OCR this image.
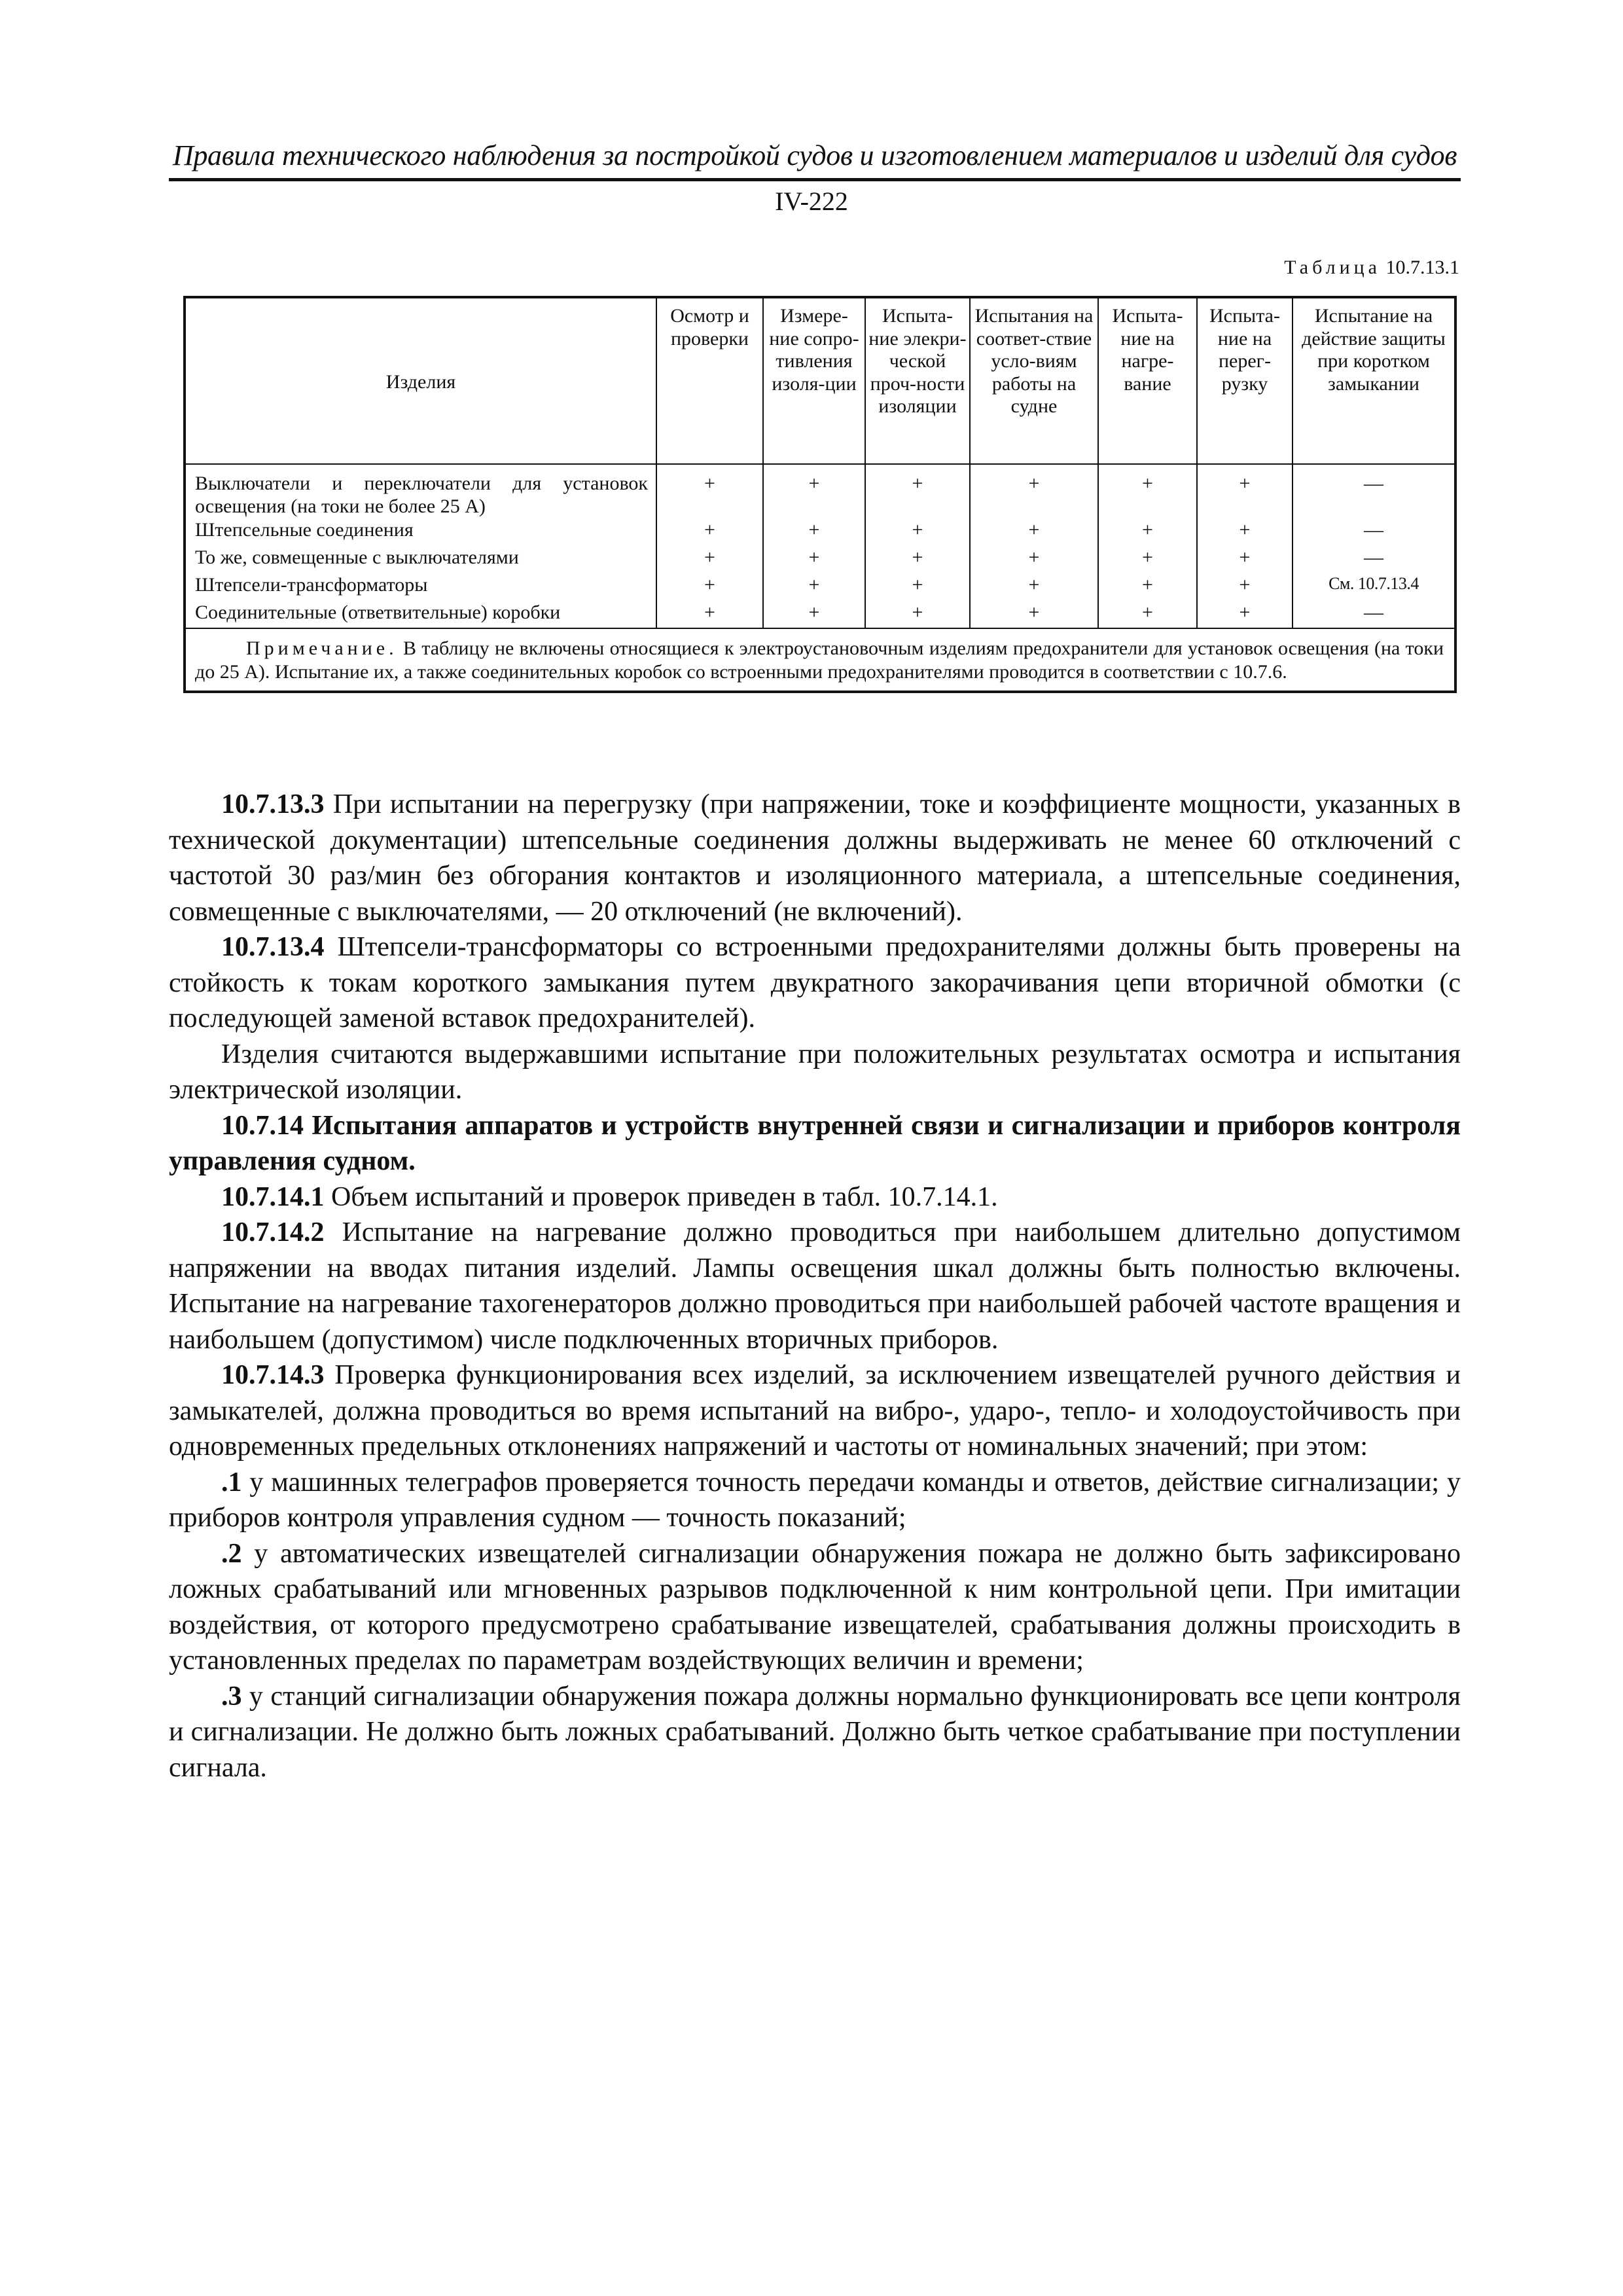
Правила технического наблюдения за постройкой судов и изготовлением материалов и изделий для судов
IV-222
Таблица 10.7.13.1
Изделия	Осмотр и проверки	Измере-ние сопро-тивления изоля-ции	Испыта-ние элекри-ческой проч-ности изоляции	Испытания на соответ-ствие усло-виям работы на судне	Испыта-ние на нагре-вание	Испыта-ние на перег-рузку	Испытание на действие защиты при коротком замыкании
Выключатели и переключатели для установок освещения (на токи не более 25 А)	+	+	+	+	+	+	—
Штепсельные соединения	+	+	+	+	+	+	—
То же, совмещенные с выключателями	+	+	+	+	+	+	—
Штепсели-трансформаторы	+	+	+	+	+	+	См. 10.7.13.4
Соединительные (ответвительные) коробки	+	+	+	+	+	+	—
Примечание. В таблицу не включены относящиеся к электроустановочным изделиям предохранители для установок освещения (на токи до 25 А). Испытание их, а также соединительных коробок со встроенными предохранителями проводится в соответствии с 10.7.6.							

10.7.13.3 При испытании на перегрузку (при напряжении, токе и коэффициенте мощности, указанных в технической документации) штепсельные соединения должны выдерживать не менее 60 отключений с частотой 30 раз/мин без обгорания контактов и изоляционного материала, а штепсельные соединения, совмещенные с выключателями, — 20 отключений (не включений).

10.7.13.4 Штепсели-трансформаторы со встроенными предохранителями должны быть проверены на стойкость к токам короткого замыкания путем двукратного закорачивания цепи вторичной обмотки (с последующей заменой вставок предохранителей).

Изделия считаются выдержавшими испытание при положительных результатах осмотра и испытания электрической изоляции.

10.7.14 Испытания аппаратов и устройств внутренней связи и сигнализации и приборов контроля управления судном.

10.7.14.1 Объем испытаний и проверок приведен в табл. 10.7.14.1.

10.7.14.2 Испытание на нагревание должно проводиться при наибольшем длительно допустимом напряжении на вводах питания изделий. Лампы освещения шкал должны быть полностью включены. Испытание на нагревание тахогенераторов должно проводиться при наибольшей рабочей частоте вращения и наибольшем (допустимом) числе подключенных вторичных приборов.

10.7.14.3 Проверка функционирования всех изделий, за исключением извещателей ручного действия и замыкателей, должна проводиться во время испытаний на вибро-, ударо-, тепло- и холодоустойчивость при одновременных предельных отклонениях напряжений и частоты от номинальных значений; при этом:

.1 у машинных телеграфов проверяется точность передачи команды и ответов, действие сигнализации; у приборов контроля управления судном — точность показаний;

.2 у автоматических извещателей сигнализации обнаружения пожара не должно быть зафиксировано ложных срабатываний или мгновенных разрывов подключенной к ним контрольной цепи. При имитации воздействия, от которого предусмотрено срабатывание извещателей, срабатывания должны происходить в установленных пределах по параметрам воздействующих величин и времени;

.3 у станций сигнализации обнаружения пожара должны нормально функционировать все цепи контроля и сигнализации. Не должно быть ложных срабатываний. Должно быть четкое срабатывание при поступлении сигнала.
